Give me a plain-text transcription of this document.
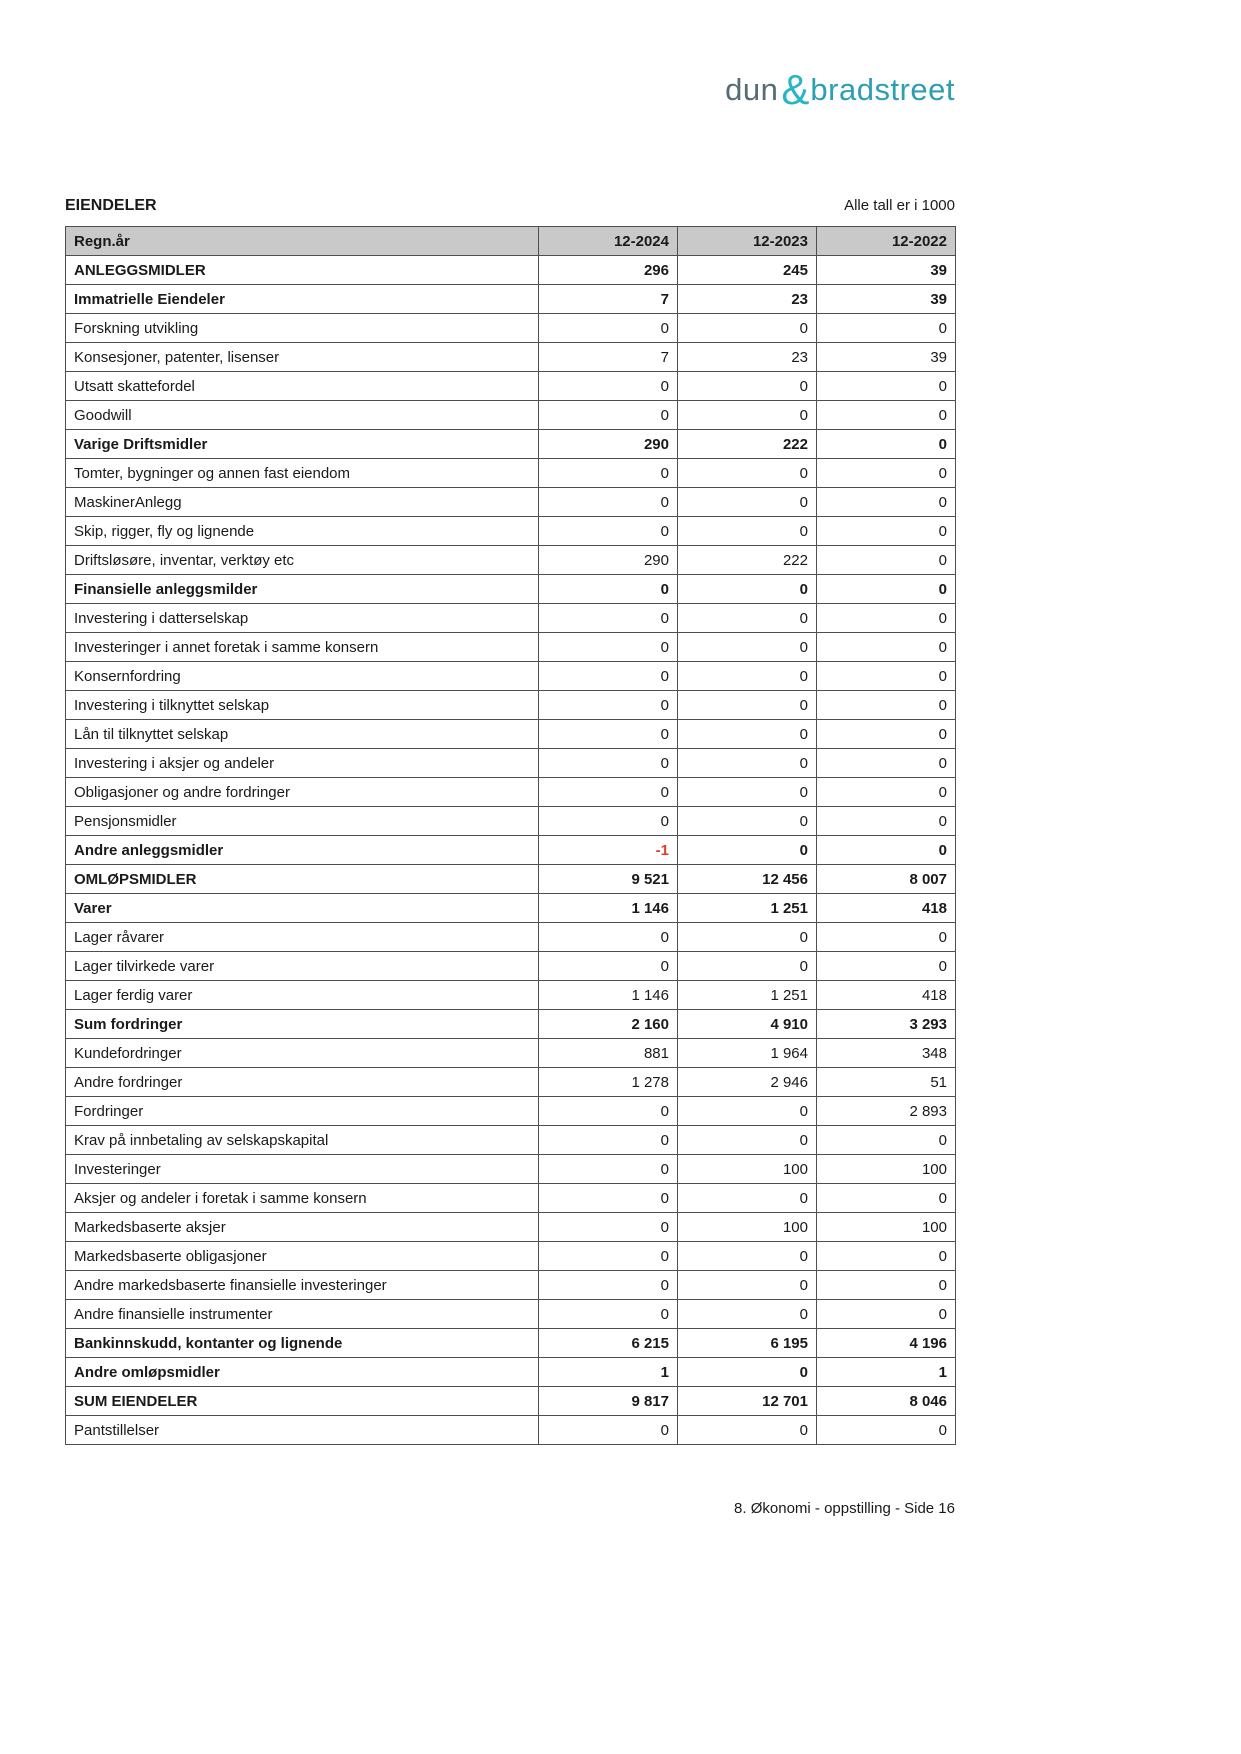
dun&bradstreet
EIENDELER	Alle tall er i 1000
Regn.år	12-2024	12-2023	12-2022
ANLEGGSMIDLER	296	245	39
Immatrielle Eiendeler	7	23	39
Forskning utvikling	0	0	0
Konsesjoner, patenter, lisenser	7	23	39
Utsatt skattefordel	0	0	0
Goodwill	0	0	0
Varige Driftsmidler	290	222	0
Tomter, bygninger og annen fast eiendom	0	0	0
MaskinerAnlegg	0	0	0
Skip, rigger, fly og lignende	0	0	0
Driftsløsøre, inventar, verktøy etc	290	222	0
Finansielle anleggsmilder	0	0	0
Investering i datterselskap	0	0	0
Investeringer i annet foretak i samme konsern	0	0	0
Konsernfordring	0	0	0
Investering i tilknyttet selskap	0	0	0
Lån til tilknyttet selskap	0	0	0
Investering i aksjer og andeler	0	0	0
Obligasjoner og andre fordringer	0	0	0
Pensjonsmidler	0	0	0
Andre anleggsmidler	-1	0	0
OMLØPSMIDLER	9 521	12 456	8 007
Varer	1 146	1 251	418
Lager råvarer	0	0	0
Lager tilvirkede varer	0	0	0
Lager ferdig varer	1 146	1 251	418
Sum fordringer	2 160	4 910	3 293
Kundefordringer	881	1 964	348
Andre fordringer	1 278	2 946	51
Fordringer	0	0	2 893
Krav på innbetaling av selskapskapital	0	0	0
Investeringer	0	100	100
Aksjer og andeler i foretak i samme konsern	0	0	0
Markedsbaserte aksjer	0	100	100
Markedsbaserte obligasjoner	0	0	0
Andre markedsbaserte finansielle investeringer	0	0	0
Andre finansielle instrumenter	0	0	0
Bankinnskudd, kontanter og lignende	6 215	6 195	4 196
Andre omløpsmidler	1	0	1
SUM EIENDELER	9 817	12 701	8 046
Pantstillelser	0	0	0
8. Økonomi - oppstilling - Side 16
